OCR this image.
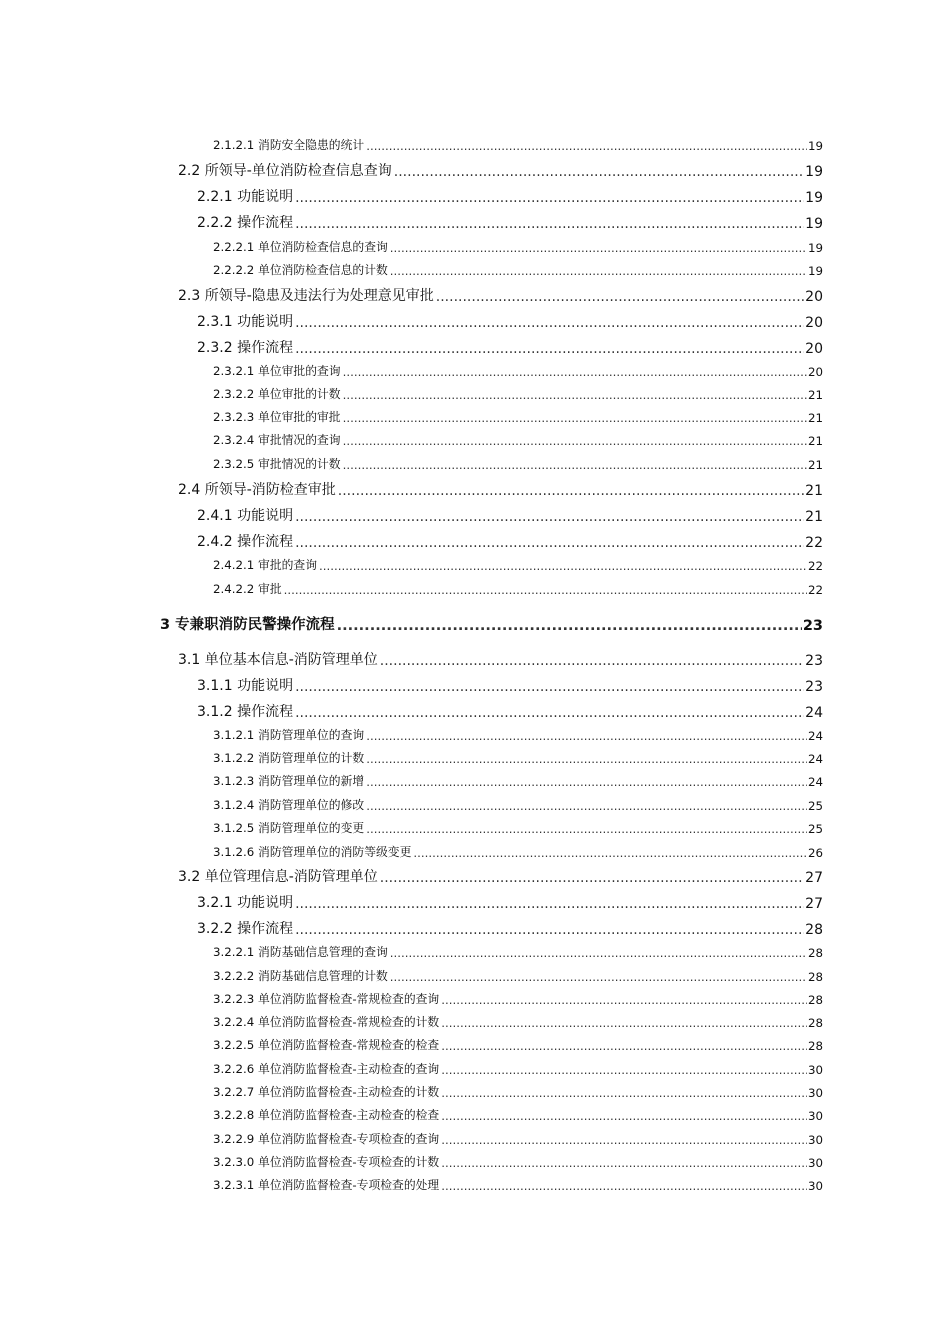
2.1.2.1 消防安全隐患的统计 .....	19
2.2 所领导-单位消防检查信息查询 .....	19
2.2.1 功能说明 .....	19
2.2.2 操作流程 .....	19
2.2.2.1 单位消防检查信息的查询 .....	19
2.2.2.2 单位消防检查信息的计数 .....	19
2.3 所领导-隐患及违法行为处理意见审批 .....	20
2.3.1 功能说明 .....	20
2.3.2 操作流程 .....	20
2.3.2.1 单位审批的查询 .....	20
2.3.2.2 单位审批的计数 .....	21
2.3.2.3 单位审批的审批 .....	21
2.3.2.4 审批情况的查询 .....	21
2.3.2.5 审批情况的计数 .....	21
2.4 所领导-消防检查审批 .....	21
2.4.1 功能说明 .....	21
2.4.2 操作流程 .....	22
2.4.2.1 审批的查询 .....	22
2.4.2.2 审批 .....	22
3 专兼职消防民警操作流程 .....	23
3.1 单位基本信息-消防管理单位 .....	23
3.1.1 功能说明 .....	23
3.1.2 操作流程 .....	24
3.1.2.1 消防管理单位的查询 .....	24
3.1.2.2 消防管理单位的计数 .....	24
3.1.2.3 消防管理单位的新增 .....	24
3.1.2.4 消防管理单位的修改 .....	25
3.1.2.5 消防管理单位的变更 .....	25
3.1.2.6 消防管理单位的消防等级变更 .....	26
3.2 单位管理信息-消防管理单位 .....	27
3.2.1 功能说明 .....	27
3.2.2 操作流程 .....	28
3.2.2.1 消防基础信息管理的查询 .....	28
3.2.2.2 消防基础信息管理的计数 .....	28
3.2.2.3 单位消防监督检查-常规检查的查询 .....	28
3.2.2.4 单位消防监督检查-常规检查的计数 .....	28
3.2.2.5 单位消防监督检查-常规检查的检查 .....	28
3.2.2.6 单位消防监督检查-主动检查的查询 .....	30
3.2.2.7 单位消防监督检查-主动检查的计数 .....	30
3.2.2.8 单位消防监督检查-主动检查的检查 .....	30
3.2.2.9 单位消防监督检查-专项检查的查询 .....	30
3.2.3.0 单位消防监督检查-专项检查的计数 .....	30
3.2.3.1 单位消防监督检查-专项检查的处理 .....	30
